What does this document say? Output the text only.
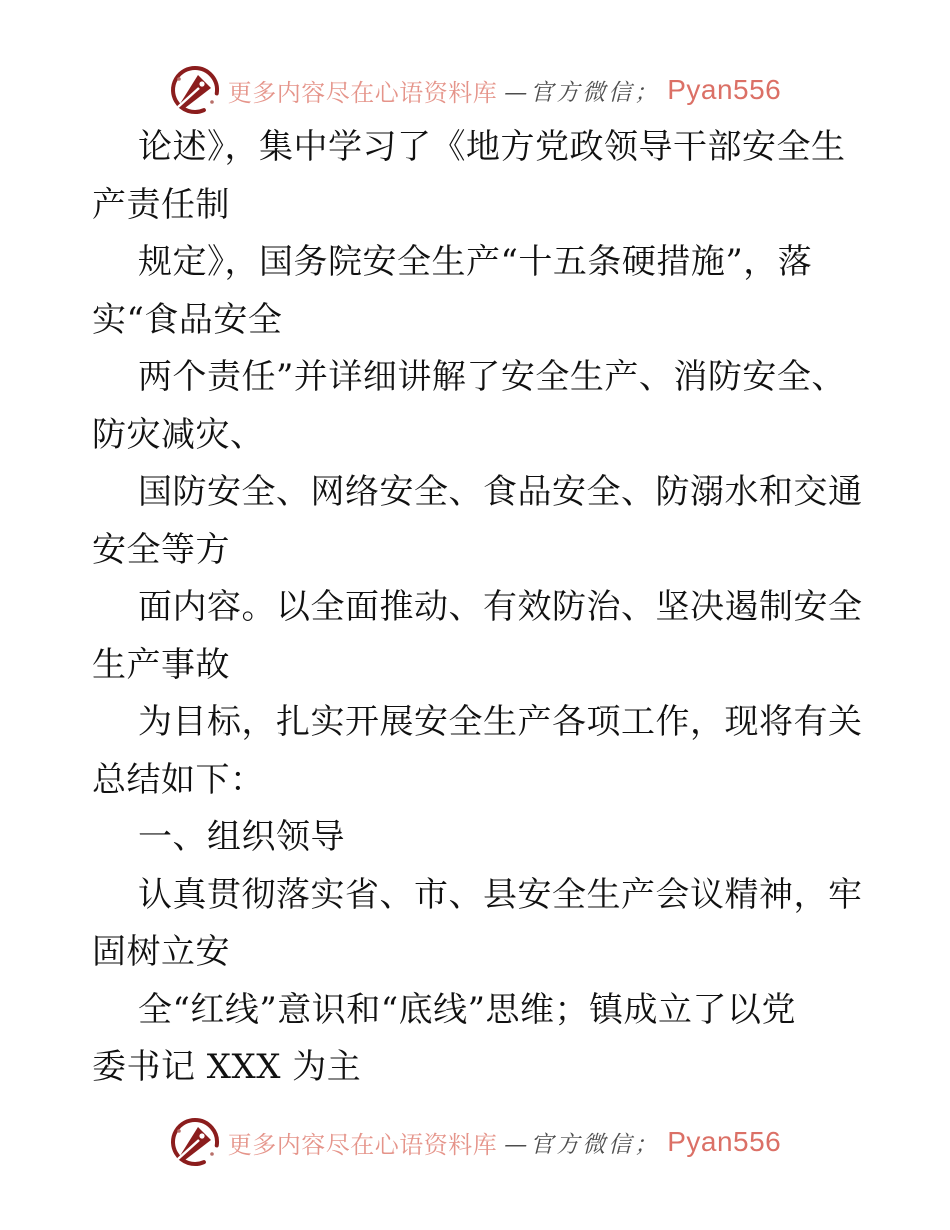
更多内容尽在心语资料库 —官方微信； Pyan556
论述》，集中学习了《地方党政领导干部安全生
产责任制
规定》，国务院安全生产“十五条硬措施”，落
实“食品安全
两个责任”并详细讲解了安全生产、消防安全、
防灾减灾、
国防安全、网络安全、食品安全、防溺水和交通
安全等方
面内容。以全面推动、有效防治、坚决遏制安全
生产事故
为目标，扎实开展安全生产各项工作，现将有关
总结如下：
一、组织领导
认真贯彻落实省、市、县安全生产会议精神，牢
固树立安
全“红线”意识和“底线”思维；镇成立了以党
委书记 XXX 为主
更多内容尽在心语资料库 —官方微信； Pyan556
